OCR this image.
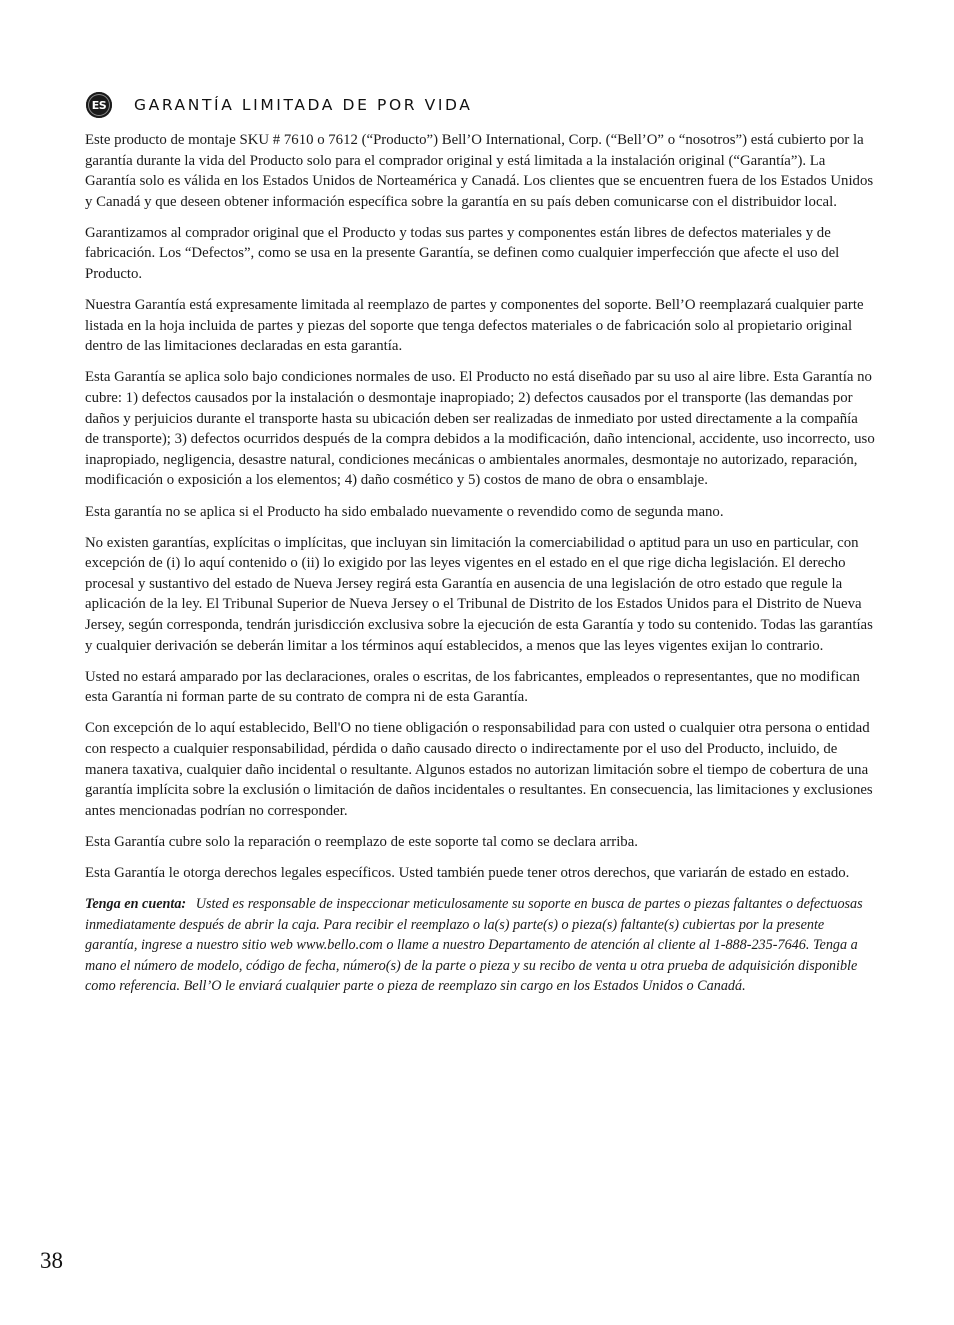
ES	GARANTÍA LIMITADA DE POR VIDA

Este producto de montaje SKU # 7610 o 7612 (“Producto”) Bell’O International, Corp. (“Bell’O” o “nosotros”) está cubierto por la garantía durante la vida del Producto solo para el comprador original y está limitada a la instalación original (“Garantía”). La Garantía solo es válida en los Estados Unidos de Norteamérica y Canadá. Los clientes que se encuentren fuera de los Estados Unidos y Canadá y que deseen obtener información específica sobre la garantía en su país deben comunicarse con el distribuidor local.

Garantizamos al comprador original que el Producto y todas sus partes y componentes están libres de defectos materiales y de fabricación. Los “Defectos”, como se usa en la presente Garantía, se definen como cualquier imperfección que afecte el uso del Producto.

Nuestra Garantía está expresamente limitada al reemplazo de partes y componentes del soporte. Bell’O reemplazará cualquier parte listada en la hoja incluida de partes y piezas del soporte que tenga defectos materiales o de fabricación solo al propietario original dentro de las limitaciones declaradas en esta garantía.

Esta Garantía se aplica solo bajo condiciones normales de uso. El Producto no está diseñado par su uso al aire libre. Esta Garantía no cubre: 1) defectos causados por la instalación o desmontaje inapropiado; 2) defectos causados por el transporte (las demandas por daños y perjuicios durante el transporte hasta su ubicación deben ser realizadas de inmediato por usted directamente a la compañía de transporte); 3) defectos ocurridos después de la compra debidos a la modificación, daño intencional, accidente, uso incorrecto, uso inapropiado, negligencia, desastre natural, condiciones mecánicas o ambientales anormales, desmontaje no autorizado, reparación, modificación o exposición a los elementos; 4) daño cosmético y 5) costos de mano de obra o ensamblaje.

Esta garantía no se aplica si el Producto ha sido embalado nuevamente o revendido como de segunda mano.

No existen garantías, explícitas o implícitas, que incluyan sin limitación la comerciabilidad o aptitud para un uso en particular, con excepción de (i) lo aquí contenido o (ii) lo exigido por las leyes vigentes en el estado en el que rige dicha legislación. El derecho procesal y sustantivo del estado de Nueva Jersey regirá esta Garantía en ausencia de una legislación de otro estado que regule la aplicación de la ley. El Tribunal Superior de Nueva Jersey o el Tribunal de Distrito de los Estados Unidos para el Distrito de Nueva Jersey, según corresponda, tendrán jurisdicción exclusiva sobre la ejecución de esta Garantía y todo su contenido. Todas las garantías y cualquier derivación se deberán limitar a los términos aquí establecidos, a menos que las leyes vigentes exijan lo contrario.

Usted no estará amparado por las declaraciones, orales o escritas, de los fabricantes, empleados o representantes, que no modifican esta Garantía ni forman parte de su contrato de compra ni de esta Garantía.

Con excepción de lo aquí establecido, Bell'O no tiene obligación o responsabilidad para con usted o cualquier otra persona o entidad con respecto a cualquier responsabilidad, pérdida o daño causado directo o indirectamente por el uso del Producto, incluido, de manera taxativa, cualquier daño incidental o resultante. Algunos estados no autorizan limitación sobre el tiempo de cobertura de una garantía implícita sobre la exclusión o limitación de daños incidentales o resultantes. En consecuencia, las limitaciones y exclusiones antes mencionadas podrían no corresponder.

Esta Garantía cubre solo la reparación o reemplazo de este soporte tal como se declara arriba.

Esta Garantía le otorga derechos legales específicos. Usted también puede tener otros derechos, que variarán de estado en estado.

Tenga en cuenta: Usted es responsable de inspeccionar meticulosamente su soporte en busca de partes o piezas faltantes o defectuosas inmediatamente después de abrir la caja. Para recibir el reemplazo o la(s) parte(s) o pieza(s) faltante(s) cubiertas por la presente garantía, ingrese a nuestro sitio web www.bello.com o llame a nuestro Departamento de atención al cliente al 1-888-235-7646. Tenga a mano el número de modelo, código de fecha, número(s) de la parte o pieza y su recibo de venta u otra prueba de adquisición disponible como referencia. Bell’O le enviará cualquier parte o pieza de reemplazo sin cargo en los Estados Unidos o Canadá.

38
